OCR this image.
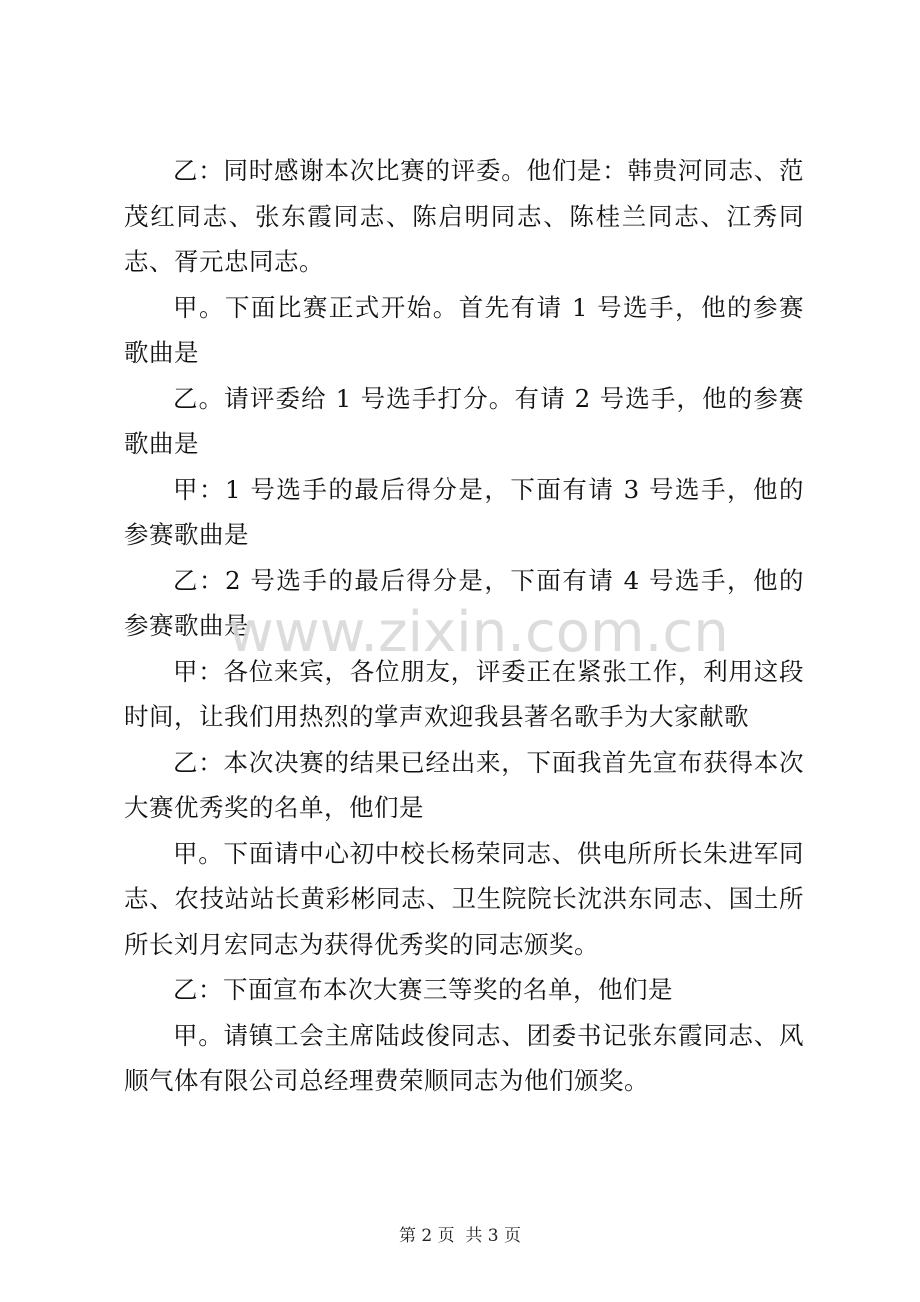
乙：同时感谢本次比赛的评委。他们是：韩贵河同志、范茂红同志、张东霞同志、陈启明同志、陈桂兰同志、江秀同志、胥元忠同志。

甲。下面比赛正式开始。首先有请 1 号选手，他的参赛歌曲是

乙。请评委给 1 号选手打分。有请 2 号选手，他的参赛歌曲是

甲：1 号选手的最后得分是，下面有请 3 号选手，他的参赛歌曲是

乙：2 号选手的最后得分是，下面有请 4 号选手，他的参赛歌曲是

甲：各位来宾，各位朋友，评委正在紧张工作，利用这段时间，让我们用热烈的掌声欢迎我县著名歌手为大家献歌

乙：本次决赛的结果已经出来，下面我首先宣布获得本次大赛优秀奖的名单，他们是

甲。下面请中心初中校长杨荣同志、供电所所长朱进军同志、农技站站长黄彩彬同志、卫生院院长沈洪东同志、国土所所长刘月宏同志为获得优秀奖的同志颁奖。

乙：下面宣布本次大赛三等奖的名单，他们是

甲。请镇工会主席陆歧俊同志、团委书记张东霞同志、风顺气体有限公司总经理费荣顺同志为他们颁奖。

www.zixin.com.cn
第 2 页  共 3 页
